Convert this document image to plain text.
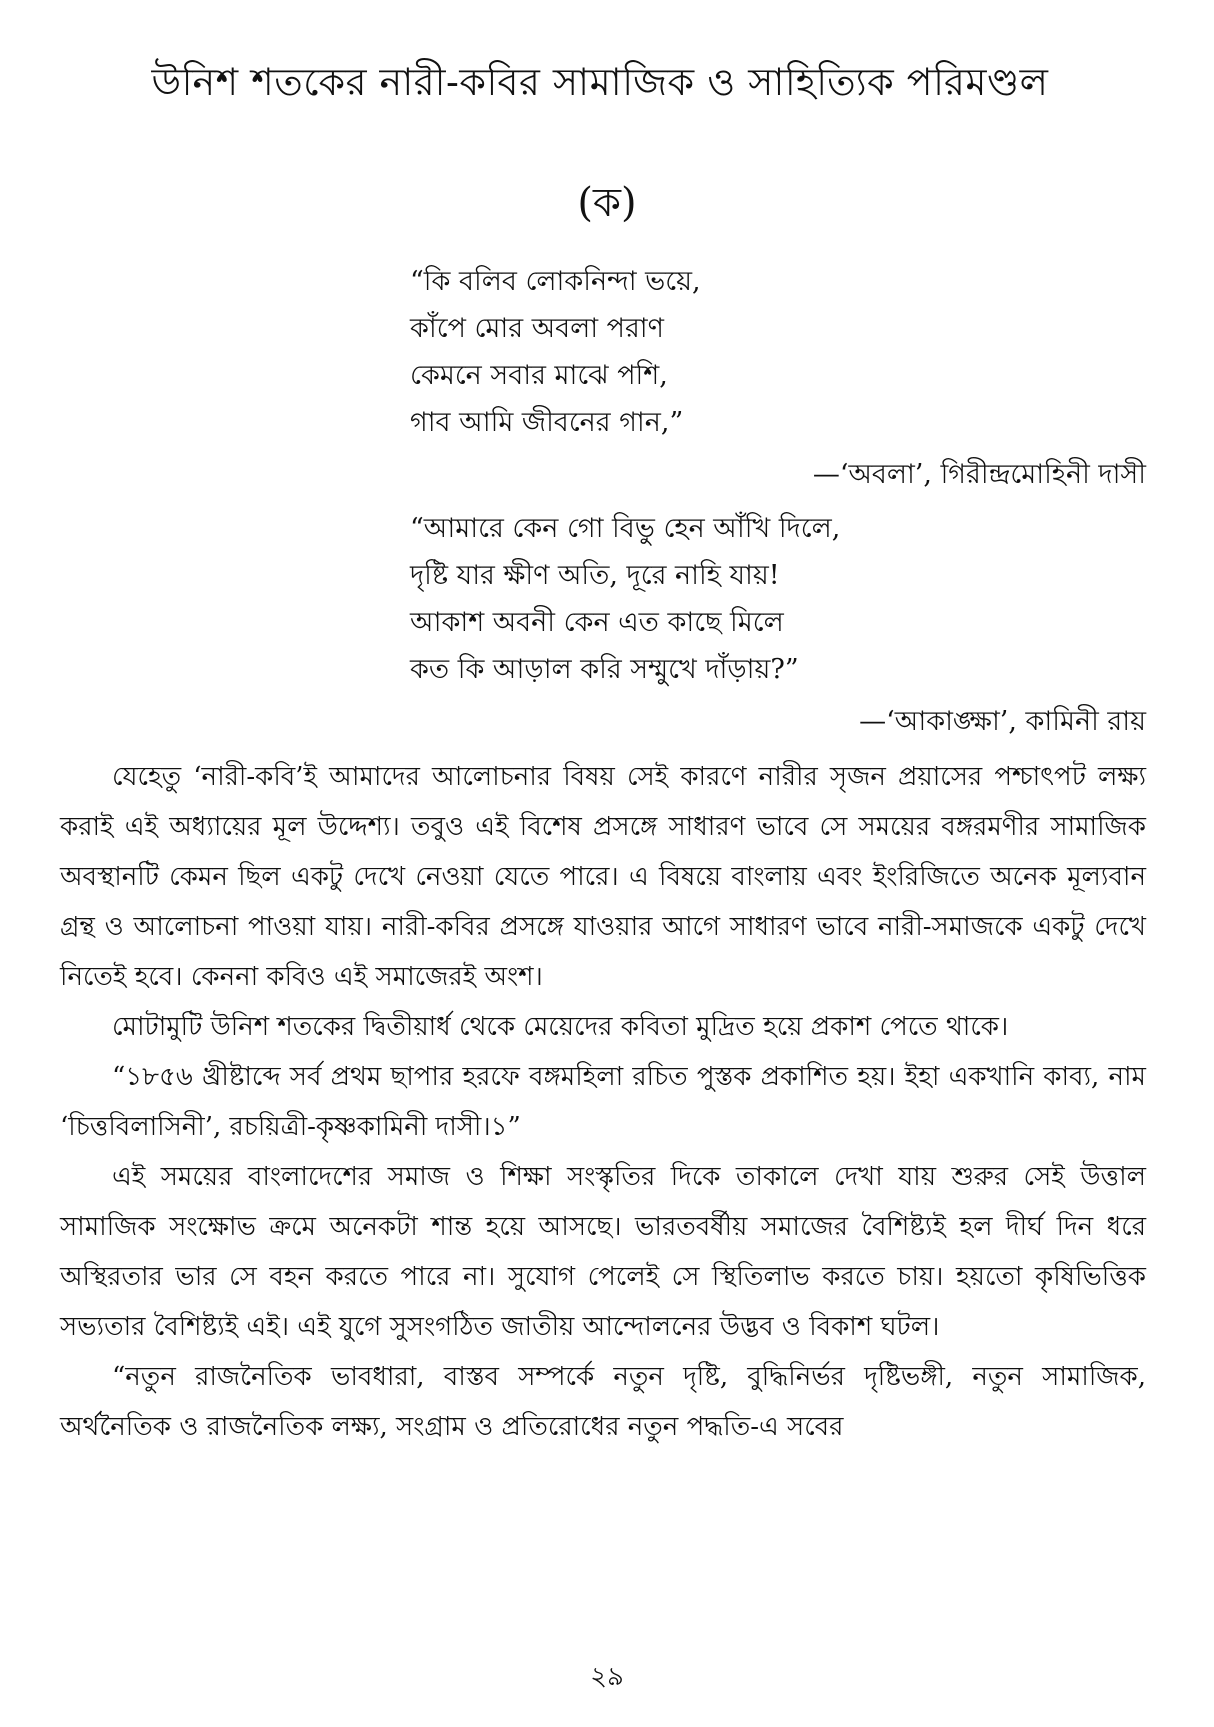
উনিশ শতকের নারী-কবির সামাজিক ও সাহিত্যিক পরিমণ্ডল
(ক)
“কি বলিব লোকনিন্দা ভয়ে,
কাঁপে মোর অবলা পরাণ
কেমনে সবার মাঝে পশি,
গাব আমি জীবনের গান,”
—‘অবলা’, গিরীন্দ্রমোহিনী দাসী
“আমারে কেন গো বিভু হেন আঁখি দিলে,
দৃষ্টি যার ক্ষীণ অতি, দূরে নাহি যায়!
আকাশ অবনী কেন এত কাছে মিলে
কত কি আড়াল করি সম্মুখে দাঁড়ায়?”
—‘আকাঙ্ক্ষা’, কামিনী রায়

যেহেতু ‘নারী-কবি’ই আমাদের আলোচনার বিষয় সেই কারণে নারীর সৃজন প্রয়াসের পশ্চাৎপট লক্ষ্য করাই এই অধ্যায়ের মূল উদ্দেশ্য। তবুও এই বিশেষ প্রসঙ্গে সাধারণ ভাবে সে সময়ের বঙ্গরমণীর সামাজিক অবস্থানটি কেমন ছিল একটু দেখে নেওয়া যেতে পারে। এ বিষয়ে বাংলায় এবং ইংরিজিতে অনেক মূল্যবান গ্রন্থ ও আলোচনা পাওয়া যায়। নারী-কবির প্রসঙ্গে যাওয়ার আগে সাধারণ ভাবে নারী-সমাজকে একটু দেখে নিতেই হবে। কেননা কবিও এই সমাজেরই অংশ।

মোটামুটি উনিশ শতকের দ্বিতীয়ার্ধ থেকে মেয়েদের কবিতা মুদ্রিত হয়ে প্রকাশ পেতে থাকে।

“১৮৫৬ খ্রীষ্টাব্দে সর্ব প্রথম ছাপার হরফে বঙ্গমহিলা রচিত পুস্তক প্রকাশিত হয়। ইহা একখানি কাব্য, নাম ‘চিত্তবিলাসিনী’, রচয়িত্রী-কৃষ্ণকামিনী দাসী।১”

এই সময়ের বাংলাদেশের সমাজ ও শিক্ষা সংস্কৃতির দিকে তাকালে দেখা যায় শুরুর সেই উত্তাল সামাজিক সংক্ষোভ ক্রমে অনেকটা শান্ত হয়ে আসছে। ভারতবর্ষীয় সমাজের বৈশিষ্ট্যই হল দীর্ঘ দিন ধরে অস্থিরতার ভার সে বহন করতে পারে না। সুযোগ পেলেই সে স্থিতিলাভ করতে চায়। হয়তো কৃষিভিত্তিক সভ্যতার বৈশিষ্ট্যই এই। এই যুগে সুসংগঠিত জাতীয় আন্দোলনের উদ্ভব ও বিকাশ ঘটল।

“নতুন রাজনৈতিক ভাবধারা, বাস্তব সম্পর্কে নতুন দৃষ্টি, বুদ্ধিনির্ভর দৃষ্টিভঙ্গী, নতুন সামাজিক, অর্থনৈতিক ও রাজনৈতিক লক্ষ্য, সংগ্রাম ও প্রতিরোধের নতুন পদ্ধতি-এ সবের

২৯
